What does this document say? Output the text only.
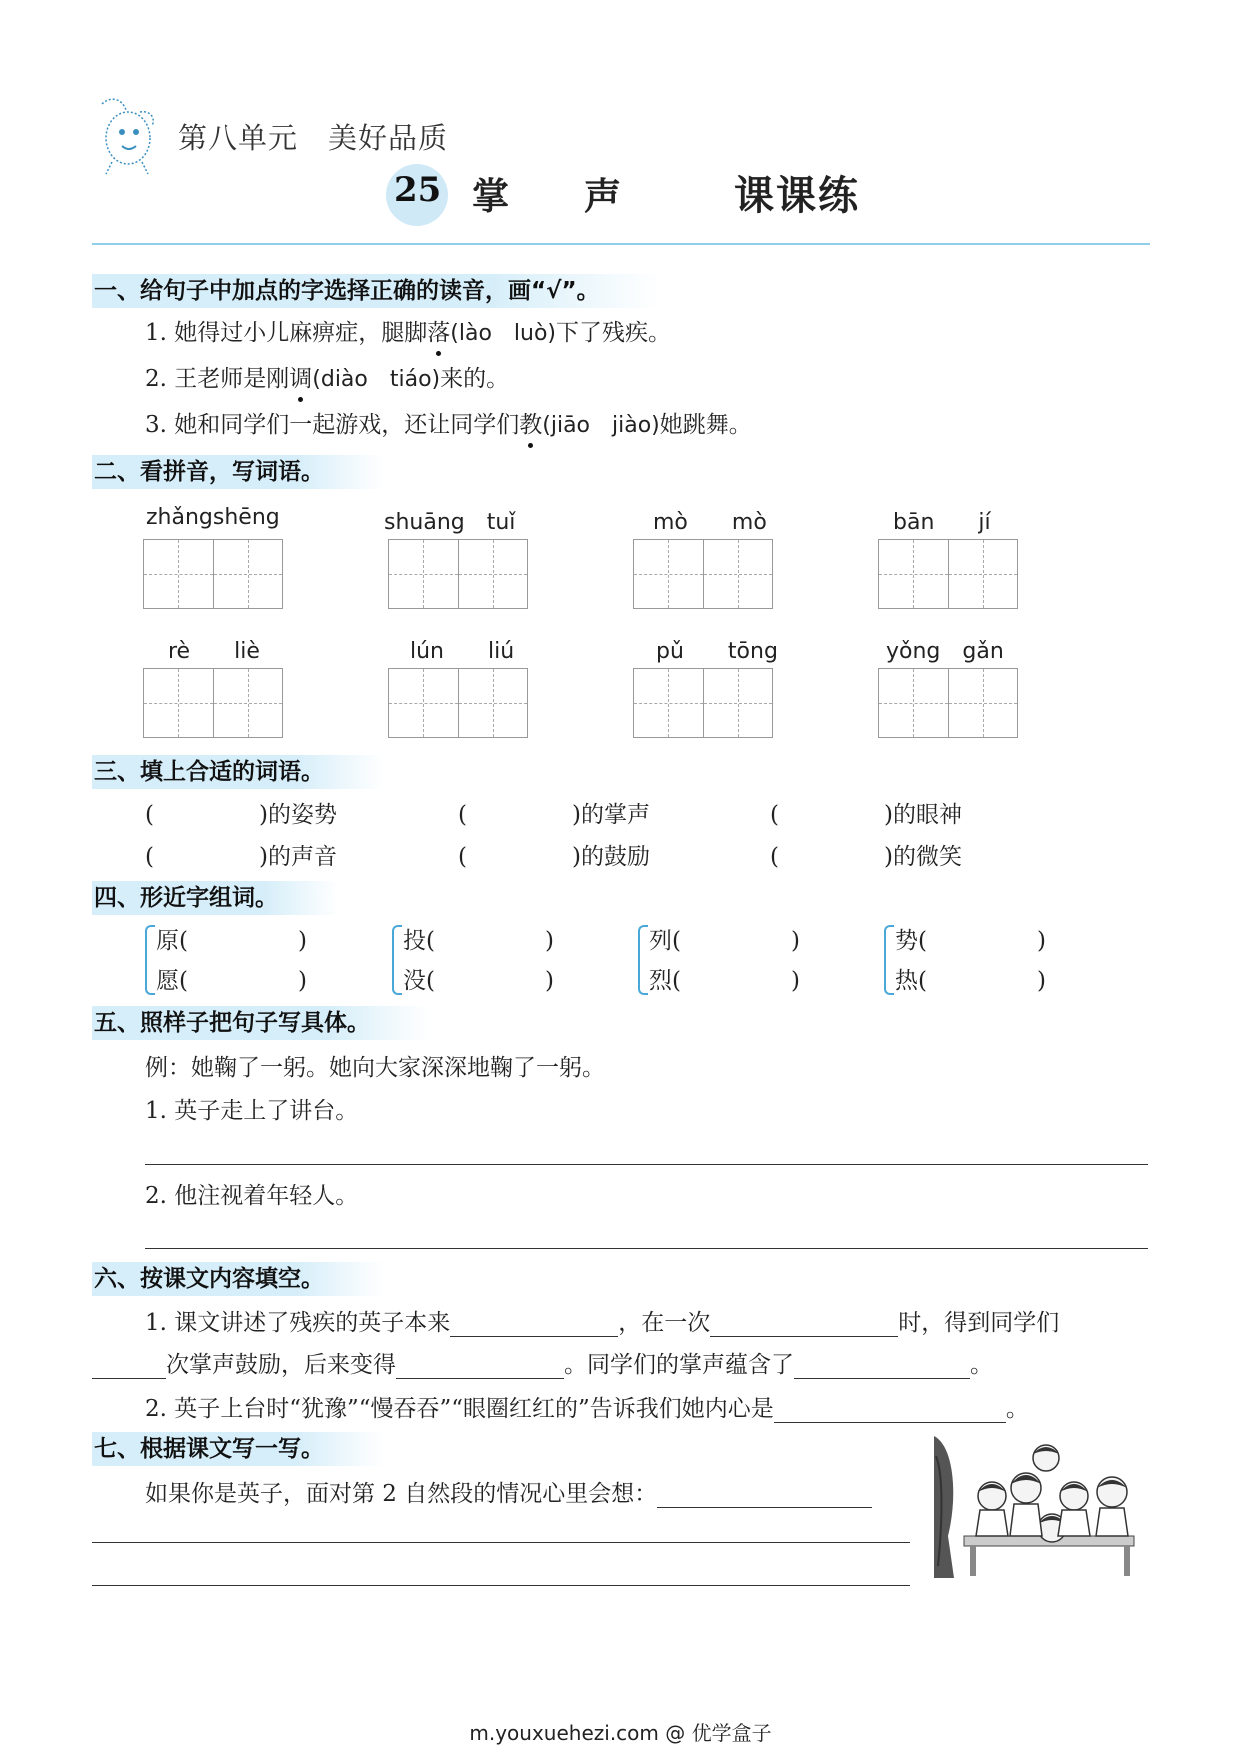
第八单元 美好品质
25 掌 声	课课练
一、给句子中加点的字选择正确的读音，画“√”。
1. 她得过小儿麻痹症，腿脚落(lào　luò)下了残疾。
2. 王老师是刚调(diào　tiáo)来的。
3. 她和同学们一起游戏，还让同学们教(jiāo　jiào)她跳舞。
二、看拼音，写词语。
zhǎngshēng	shuāng　tuǐ	mò　　mò	bān　　jí
rè　　liè	lún　　liú	pǔ　　tōng	yǒng　gǎn
三、填上合适的词语。
(	)的姿势	(	)的掌声	(	)的眼神
(	)的声音	(	)的鼓励	(	)的微笑
四、形近字组词。
原(	)
愿(	)
投(	)
没(	)
列(	)
烈(	)
势(	)
热(	)
五、照样子把句子写具体。
例：她鞠了一躬。她向大家深深地鞠了一躬。
1. 英子走上了讲台。
2. 他注视着年轻人。
六、按课文内容填空。
1. 课文讲述了残疾的英子本来	，在一次	时，得到同学们
次掌声鼓励，后来变得	。同学们的掌声蕴含了	。
2. 英子上台时“犹豫”“慢吞吞”“眼圈红红的”告诉我们她内心是	。
七、根据课文写一写。
如果你是英子，面对第 2 自然段的情况心里会想：
m.youxuehezi.com @ 优学盒子
